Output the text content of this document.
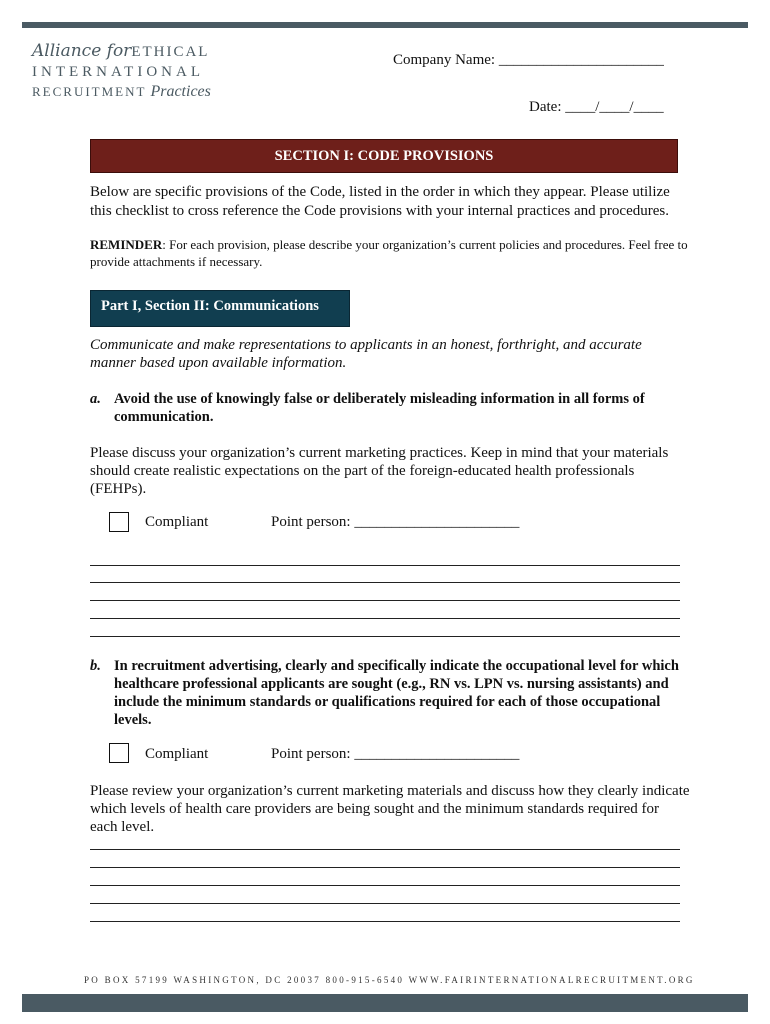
Alliance forETHICAL
INTERNATIONAL
RECRUITMENT Practices
Company Name: ______________________
Date: ____/____/____
SECTION I: CODE PROVISIONS
Below are specific provisions of the Code, listed in the order in which they appear. Please utilize this checklist to cross reference the Code provisions with your internal practices and procedures.
REMINDER: For each provision, please describe your organization’s current policies and procedures. Feel free to provide attachments if necessary.
Part I, Section II: Communications
Communicate and make representations to applicants in an honest, forthright, and accurate manner based upon available information.
a. Avoid the use of knowingly false or deliberately misleading information in all forms of communication.
Please discuss your organization’s current marketing practices. Keep in mind that your materials should create realistic expectations on the part of the foreign-educated health professionals (FEHPs).
Compliant	Point person: ______________________
b. In recruitment advertising, clearly and specifically indicate the occupational level for which healthcare professional applicants are sought (e.g., RN vs. LPN vs. nursing assistants) and include the minimum standards or qualifications required for each of those occupational levels.
Compliant	Point person: ______________________
Please review your organization’s current marketing materials and discuss how they clearly indicate which levels of health care providers are being sought and the minimum standards required for each level.
PO BOX 57199 WASHINGTON, DC 20037 800-915-6540 WWW.FAIRINTERNATIONALRECRUITMENT.ORG
